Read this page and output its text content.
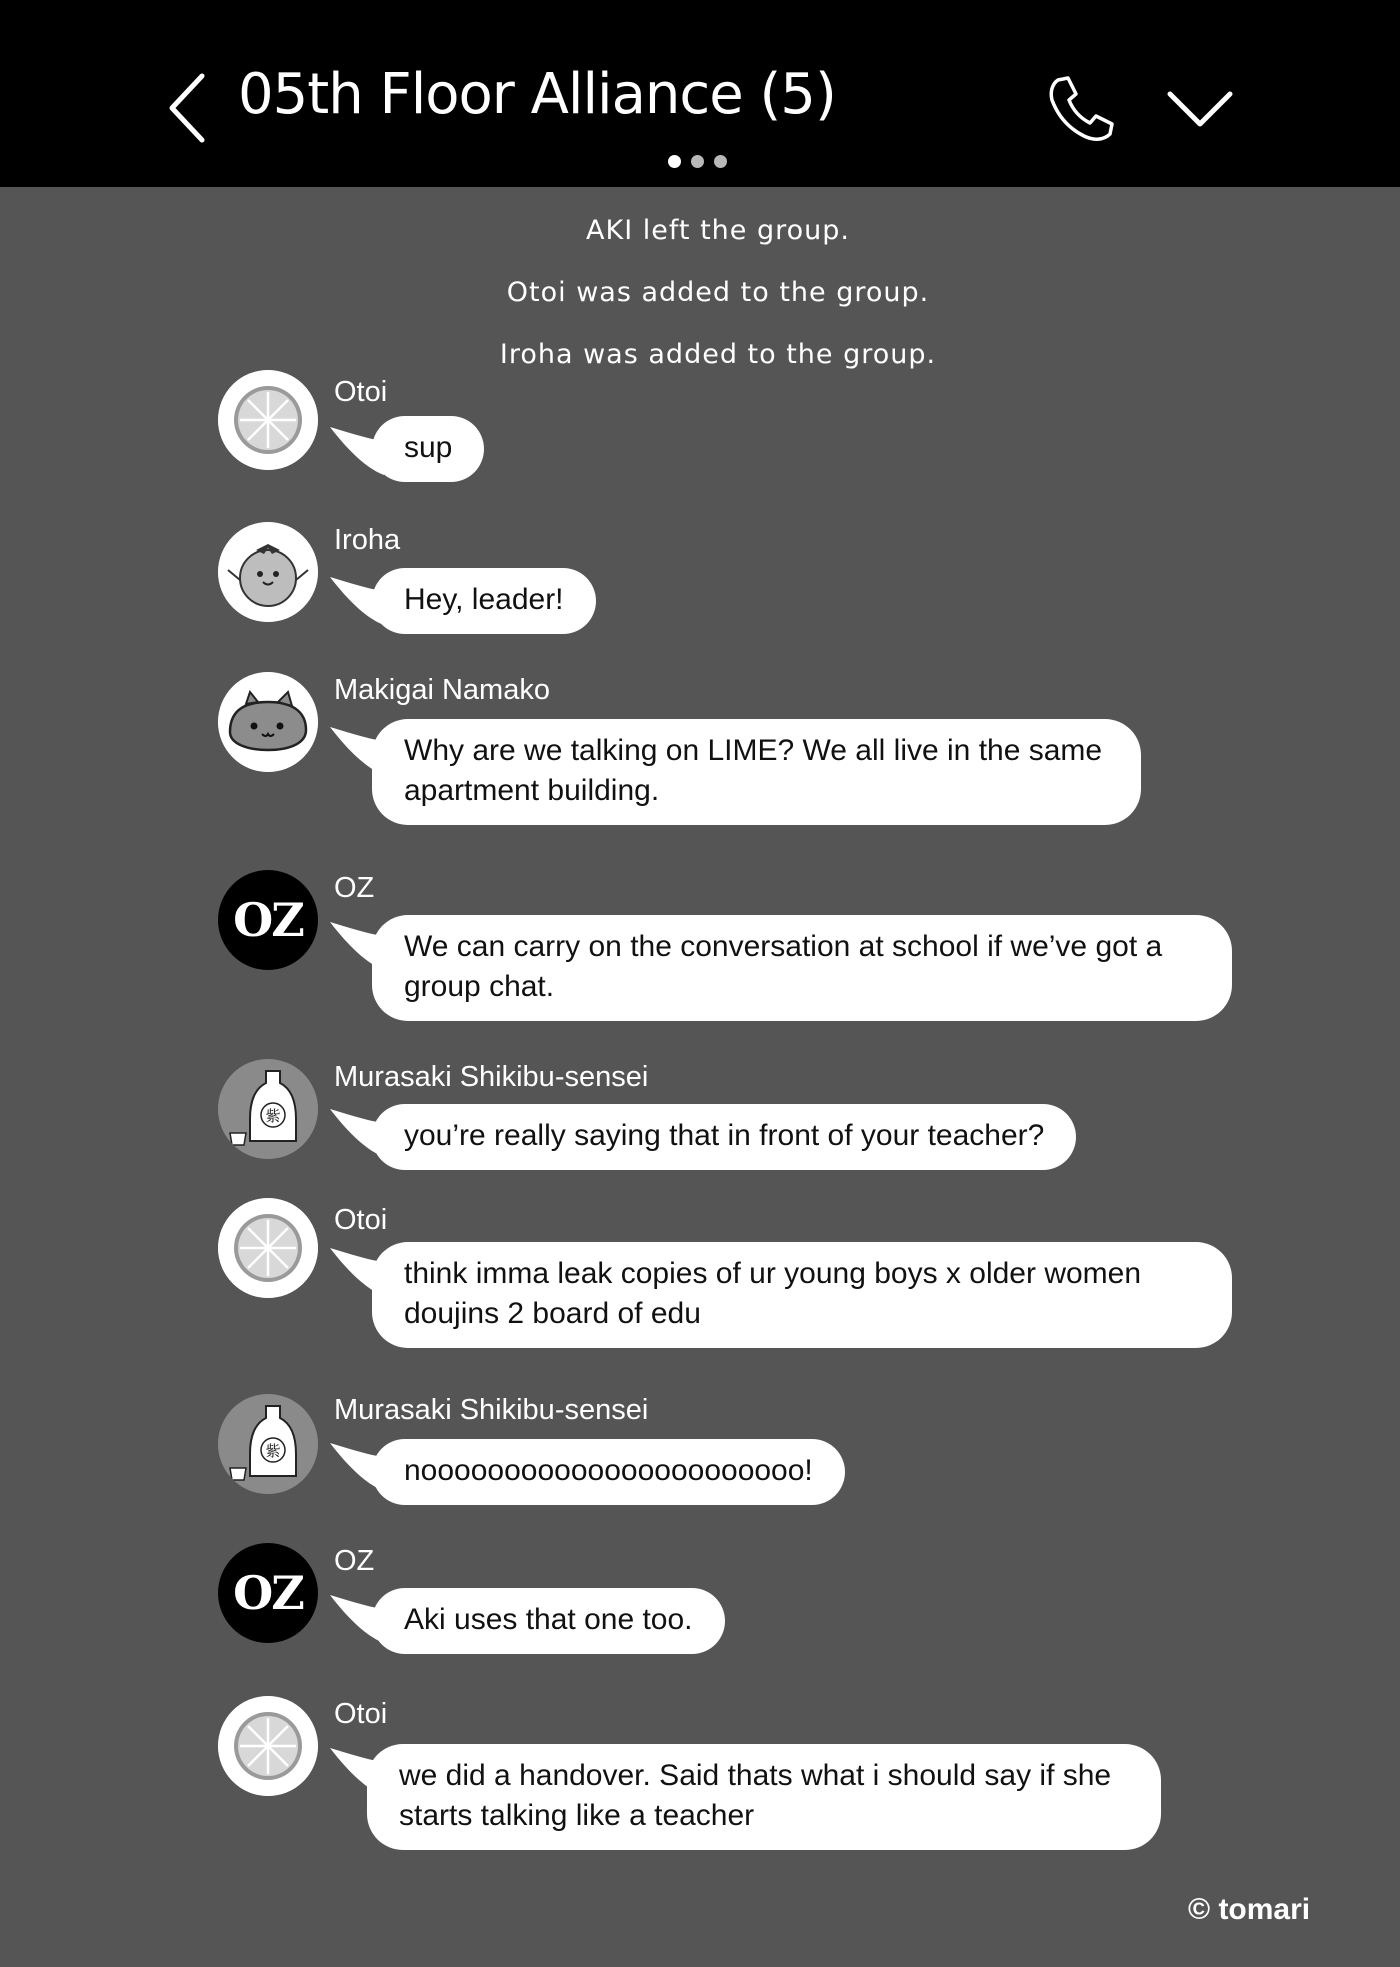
05th Floor Alliance (5)
AKI left the group.
Otoi was added to the group.
Iroha was added to the group.
Otoi
sup
Iroha
Hey, leader!
Makigai Namako
Why are we talking on LIME? We all live in the same
apartment building.
OZ
OZ
We can carry on the conversation at school if we’ve got a
group chat.
紫
Murasaki Shikibu-sensei
you’re really saying that in front of your teacher?
Otoi
think imma leak copies of ur young boys x older women
doujins 2 board of edu
紫
Murasaki Shikibu-sensei
nooooooooooooooooooooooo!
OZ
OZ
Aki uses that one too.
Otoi
we did a handover. Said thats what i should say if she
starts talking like a teacher
© tomari
